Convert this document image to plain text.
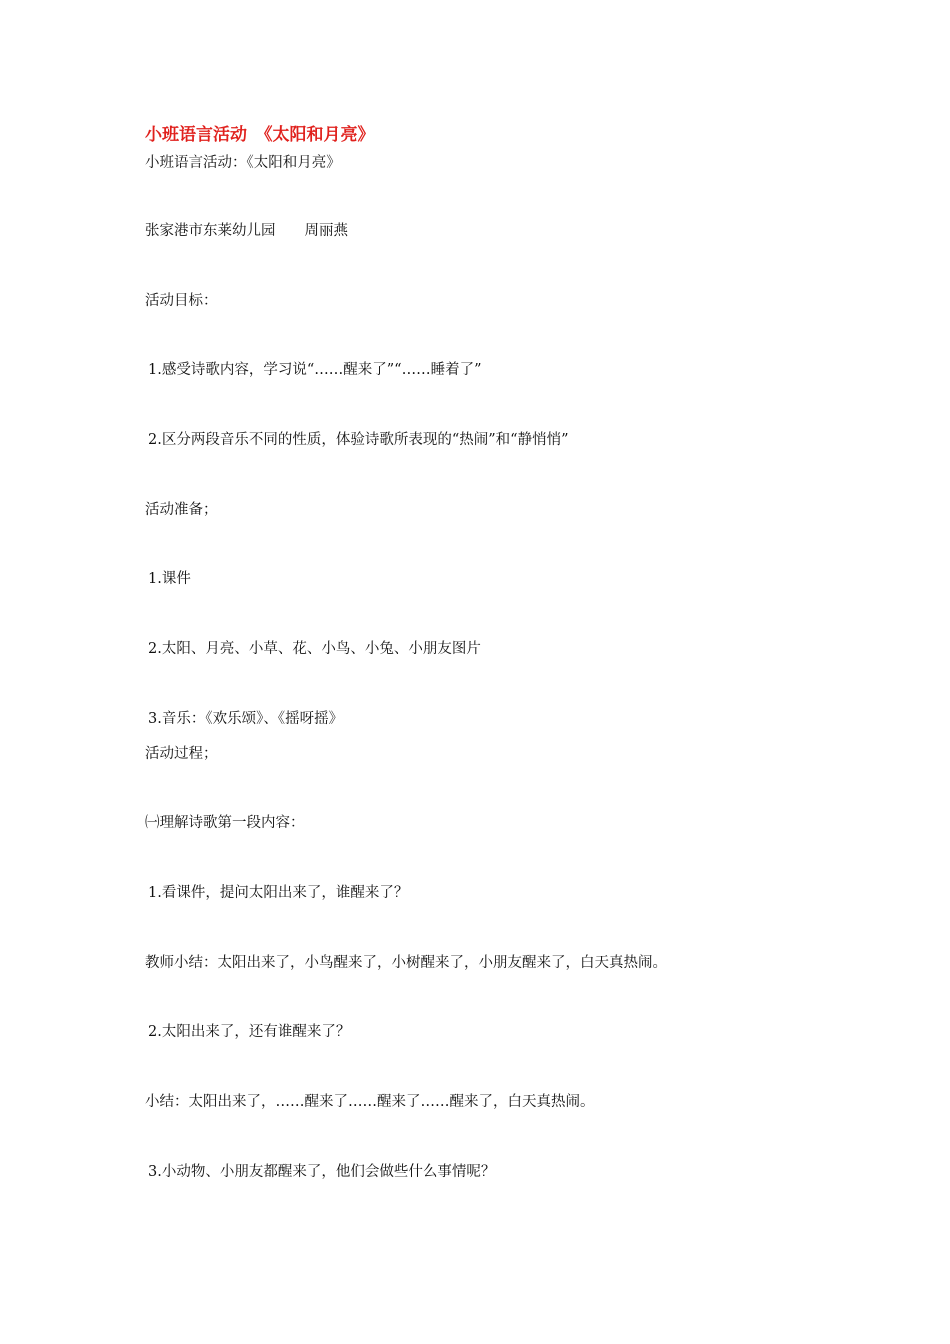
小班语言活动　《太阳和月亮》
小班语言活动：《太阳和月亮》
张家港市东莱幼儿园　　周丽燕
活动目标：
1.感受诗歌内容，学习说“……醒来了”“……睡着了”
2.区分两段音乐不同的性质，体验诗歌所表现的“热闹”和“静悄悄”
活动准备；
1.课件
2.太阳、月亮、小草、花、小鸟、小兔、小朋友图片
3.音乐：《欢乐颂》、《摇呀摇》
活动过程；
㈠理解诗歌第一段内容：
1.看课件，提问太阳出来了，谁醒来了？
教师小结：太阳出来了，小鸟醒来了，小树醒来了，小朋友醒来了，白天真热闹。
2.太阳出来了，还有谁醒来了？
小结：太阳出来了，……醒来了……醒来了……醒来了，白天真热闹。
3.小动物、小朋友都醒来了，他们会做些什么事情呢？
